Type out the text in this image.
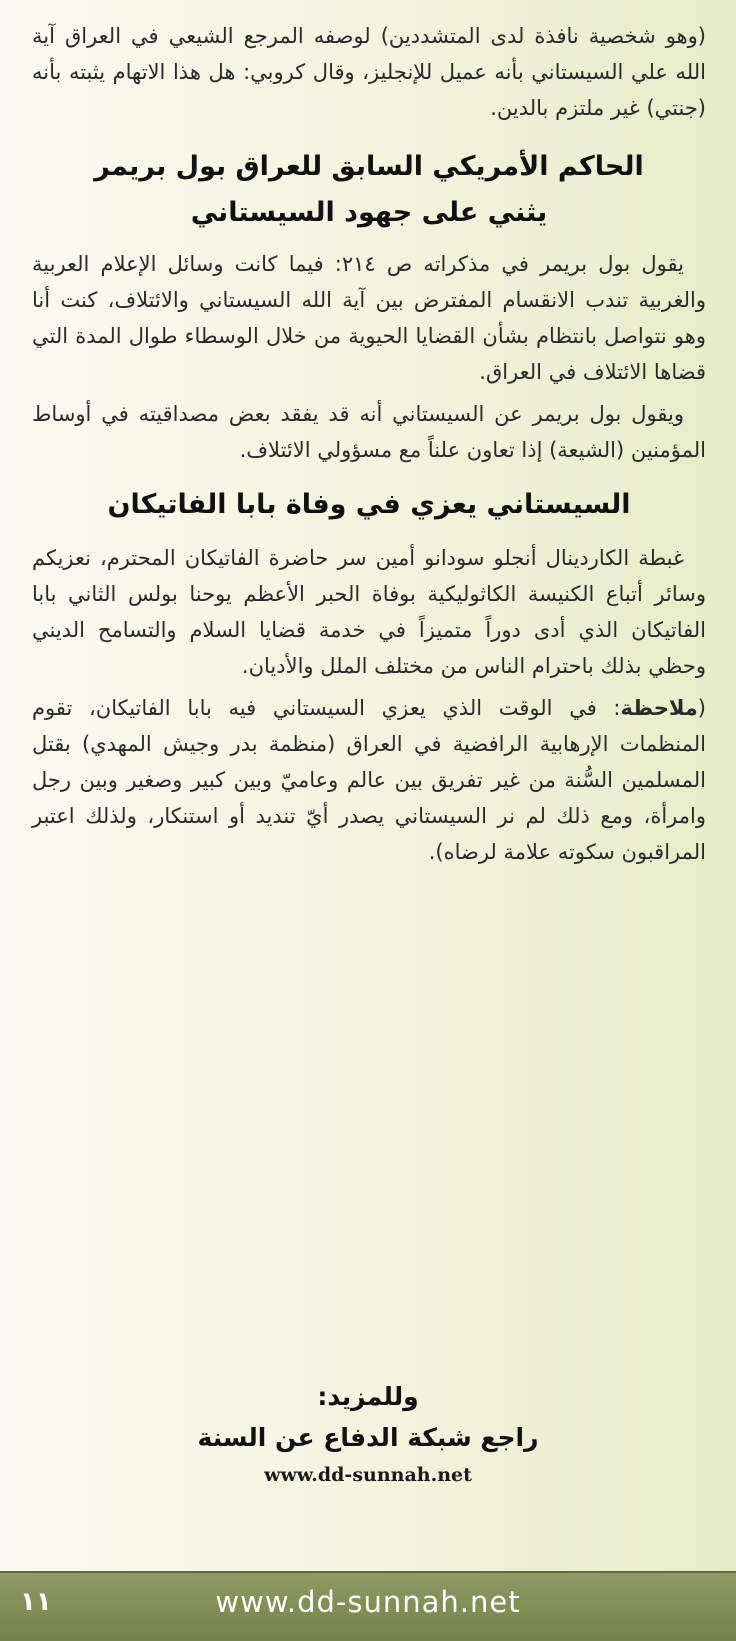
(وهو شخصية نافذة لدى المتشددين) لوصفه المرجع الشيعي في العراق آية الله علي السيستاني بأنه عميل للإنجليز، وقال كروبي: هل هذا الاتهام يثبته بأنه (جنتي) غير ملتزم بالدين.

الحاكم الأمريكي السابق للعراق بول بريمر

يثني على جهود السيستاني

يقول بول بريمر في مذكراته ص ٢١٤: فيما كانت وسائل الإعلام العربية والغربية تندب الانقسام المفترض بين آية الله السيستاني والائتلاف، كنت أنا وهو نتواصل بانتظام بشأن القضايا الحيوية من خلال الوسطاء طوال المدة التي قضاها الائتلاف في العراق.

ويقول بول بريمر عن السيستاني أنه قد يفقد بعض مصداقيته في أوساط المؤمنين (الشيعة) إذا تعاون علناً مع مسؤولي الائتلاف.

السيستاني يعزي في وفاة بابا الفاتيكان

غبطة الكاردينال أنجلو سودانو أمين سر حاضرة الفاتيكان المحترم، نعزيكم وسائر أتباع الكنيسة الكاثوليكية بوفاة الحبر الأعظم يوحنا بولس الثاني بابا الفاتيكان الذي أدى دوراً متميزاً في خدمة قضايا السلام والتسامح الديني وحظي بذلك باحترام الناس من مختلف الملل والأديان.

(ملاحظة: في الوقت الذي يعزي السيستاني فيه بابا الفاتيكان، تقوم المنظمات الإرهابية الرافضية في العراق (منظمة بدر وجيش المهدي) بقتل المسلمين السُّنة من غير تفريق بين عالم وعاميّ وبين كبير وصغير وبين رجل وامرأة، ومع ذلك لم نر السيستاني يصدر أيّ تنديد أو استنكار، ولذلك اعتبر المراقبون سكوته علامة لرضاه).

وللمزيد:

راجع شبكة الدفاع عن السنة

www.dd-sunnah.net

١١	www.dd-sunnah.net
